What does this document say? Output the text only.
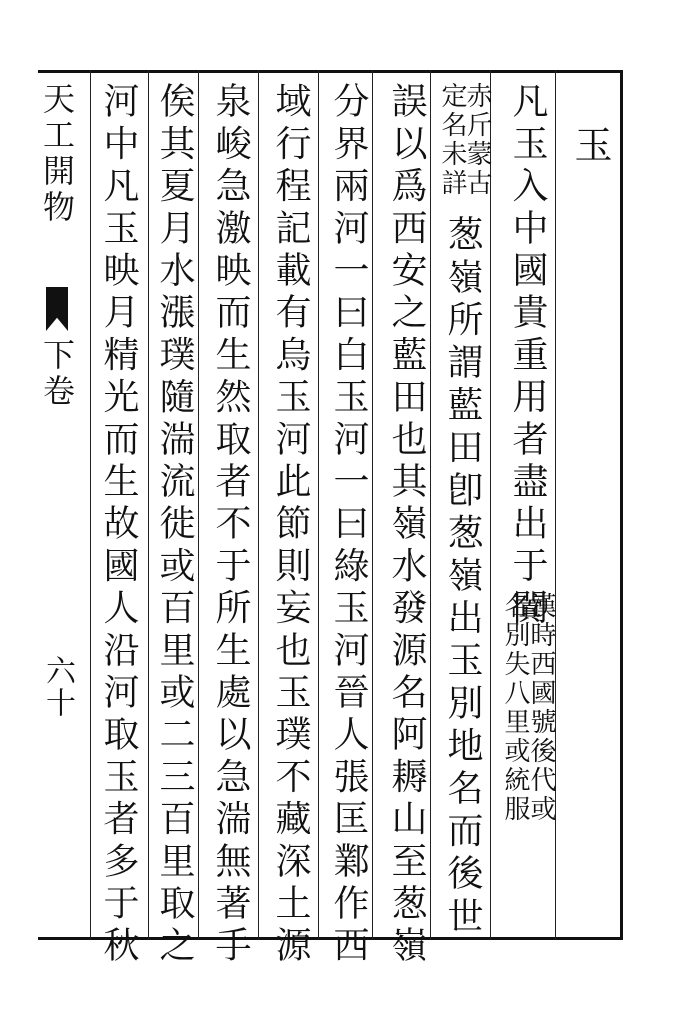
玉
凡玉入中國貴重用者盡出于闐
名別失八里或統服
漢時西國號後代或
定名未詳
赤斤蒙古
葱嶺所謂藍田卽葱嶺出玉別地名而後世
誤以爲西安之藍田也其嶺水發源名阿耨山至葱嶺
分界兩河一曰白玉河一曰綠玉河晉人張匡鄴作西
域行程記載有烏玉河此節則妄也玉璞不藏深土源
泉峻急激映而生然取者不于所生處以急湍無著手
俟其夏月水漲璞隨湍流徙或百里或二三百里取之
河中凡玉映月精光而生故國人沿河取玉者多于秋
天工開物
下卷
六十
